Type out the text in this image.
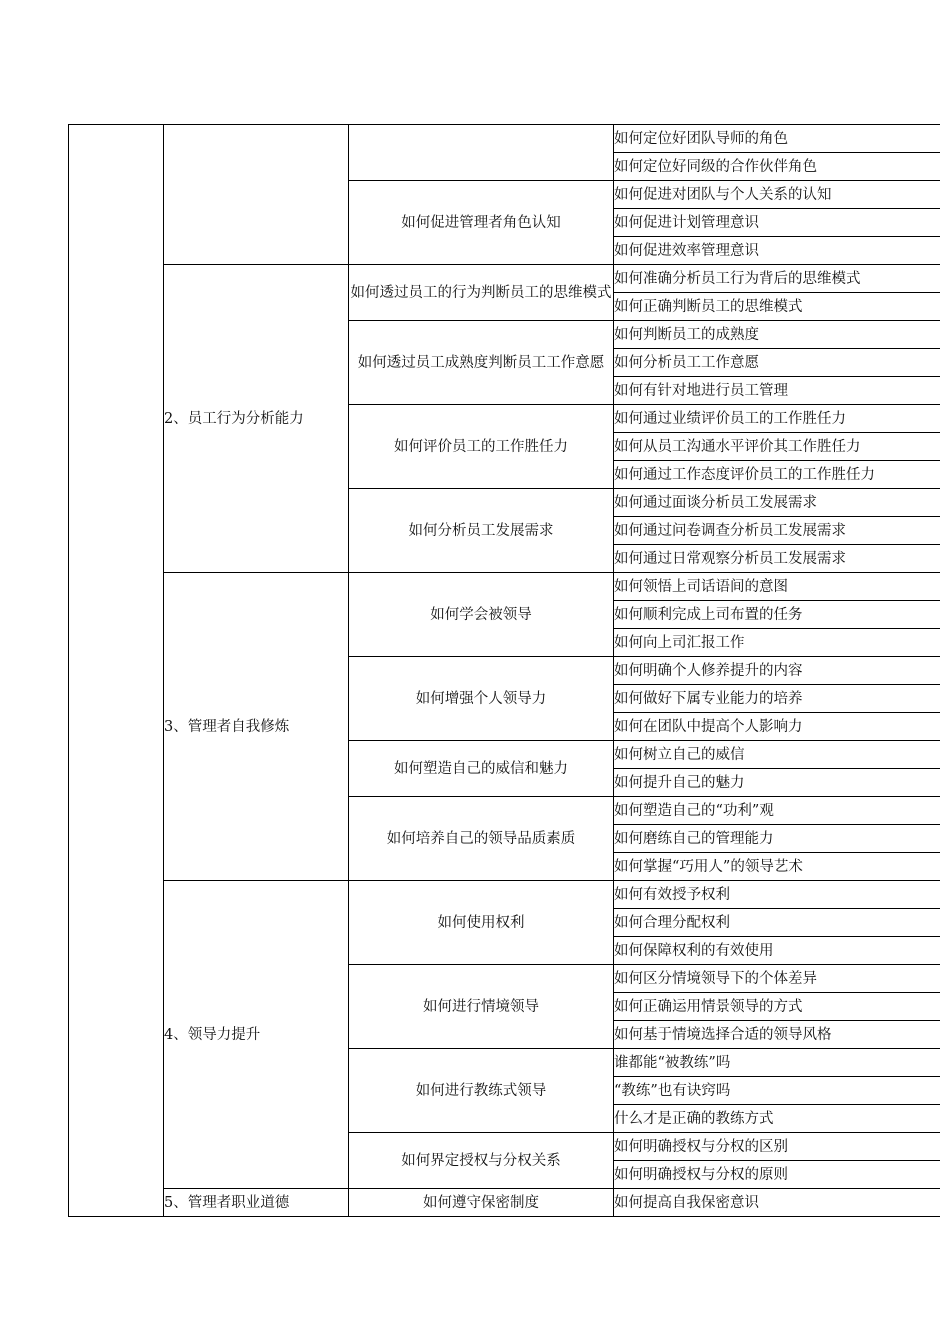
			如何定位好团队导师的角色
			如何定位好同级的合作伙伴角色
		如何促进管理者角色认知	如何促进对团队与个人关系的认知
			如何促进计划管理意识
			如何促进效率管理意识
	2、员工行为分析能力	如何透过员工的行为判断员工的思维模式	如何准确分析员工行为背后的思维模式
			如何正确判断员工的思维模式
		如何透过员工成熟度判断员工工作意愿	如何判断员工的成熟度
			如何分析员工工作意愿
			如何有针对地进行员工管理
		如何评价员工的工作胜任力	如何通过业绩评价员工的工作胜任力
			如何从员工沟通水平评价其工作胜任力
			如何通过工作态度评价员工的工作胜任力
		如何分析员工发展需求	如何通过面谈分析员工发展需求
			如何通过问卷调查分析员工发展需求
			如何通过日常观察分析员工发展需求
	3、管理者自我修炼	如何学会被领导	如何领悟上司话语间的意图
			如何顺利完成上司布置的任务
			如何向上司汇报工作
		如何增强个人领导力	如何明确个人修养提升的内容
			如何做好下属专业能力的培养
			如何在团队中提高个人影响力
		如何塑造自己的威信和魅力	如何树立自己的威信
			如何提升自己的魅力
		如何培养自己的领导品质素质	如何塑造自己的“功利”观
			如何磨练自己的管理能力
			如何掌握“巧用人”的领导艺术
	4、领导力提升	如何使用权利	如何有效授予权利
			如何合理分配权利
			如何保障权利的有效使用
		如何进行情境领导	如何区分情境领导下的个体差异
			如何正确运用情景领导的方式
			如何基于情境选择合适的领导风格
		如何进行教练式领导	谁都能“被教练”吗
			“教练”也有诀窍吗
			什么才是正确的教练方式
		如何界定授权与分权关系	如何明确授权与分权的区别
			如何明确授权与分权的原则
	5、管理者职业道德	如何遵守保密制度	如何提高自我保密意识
